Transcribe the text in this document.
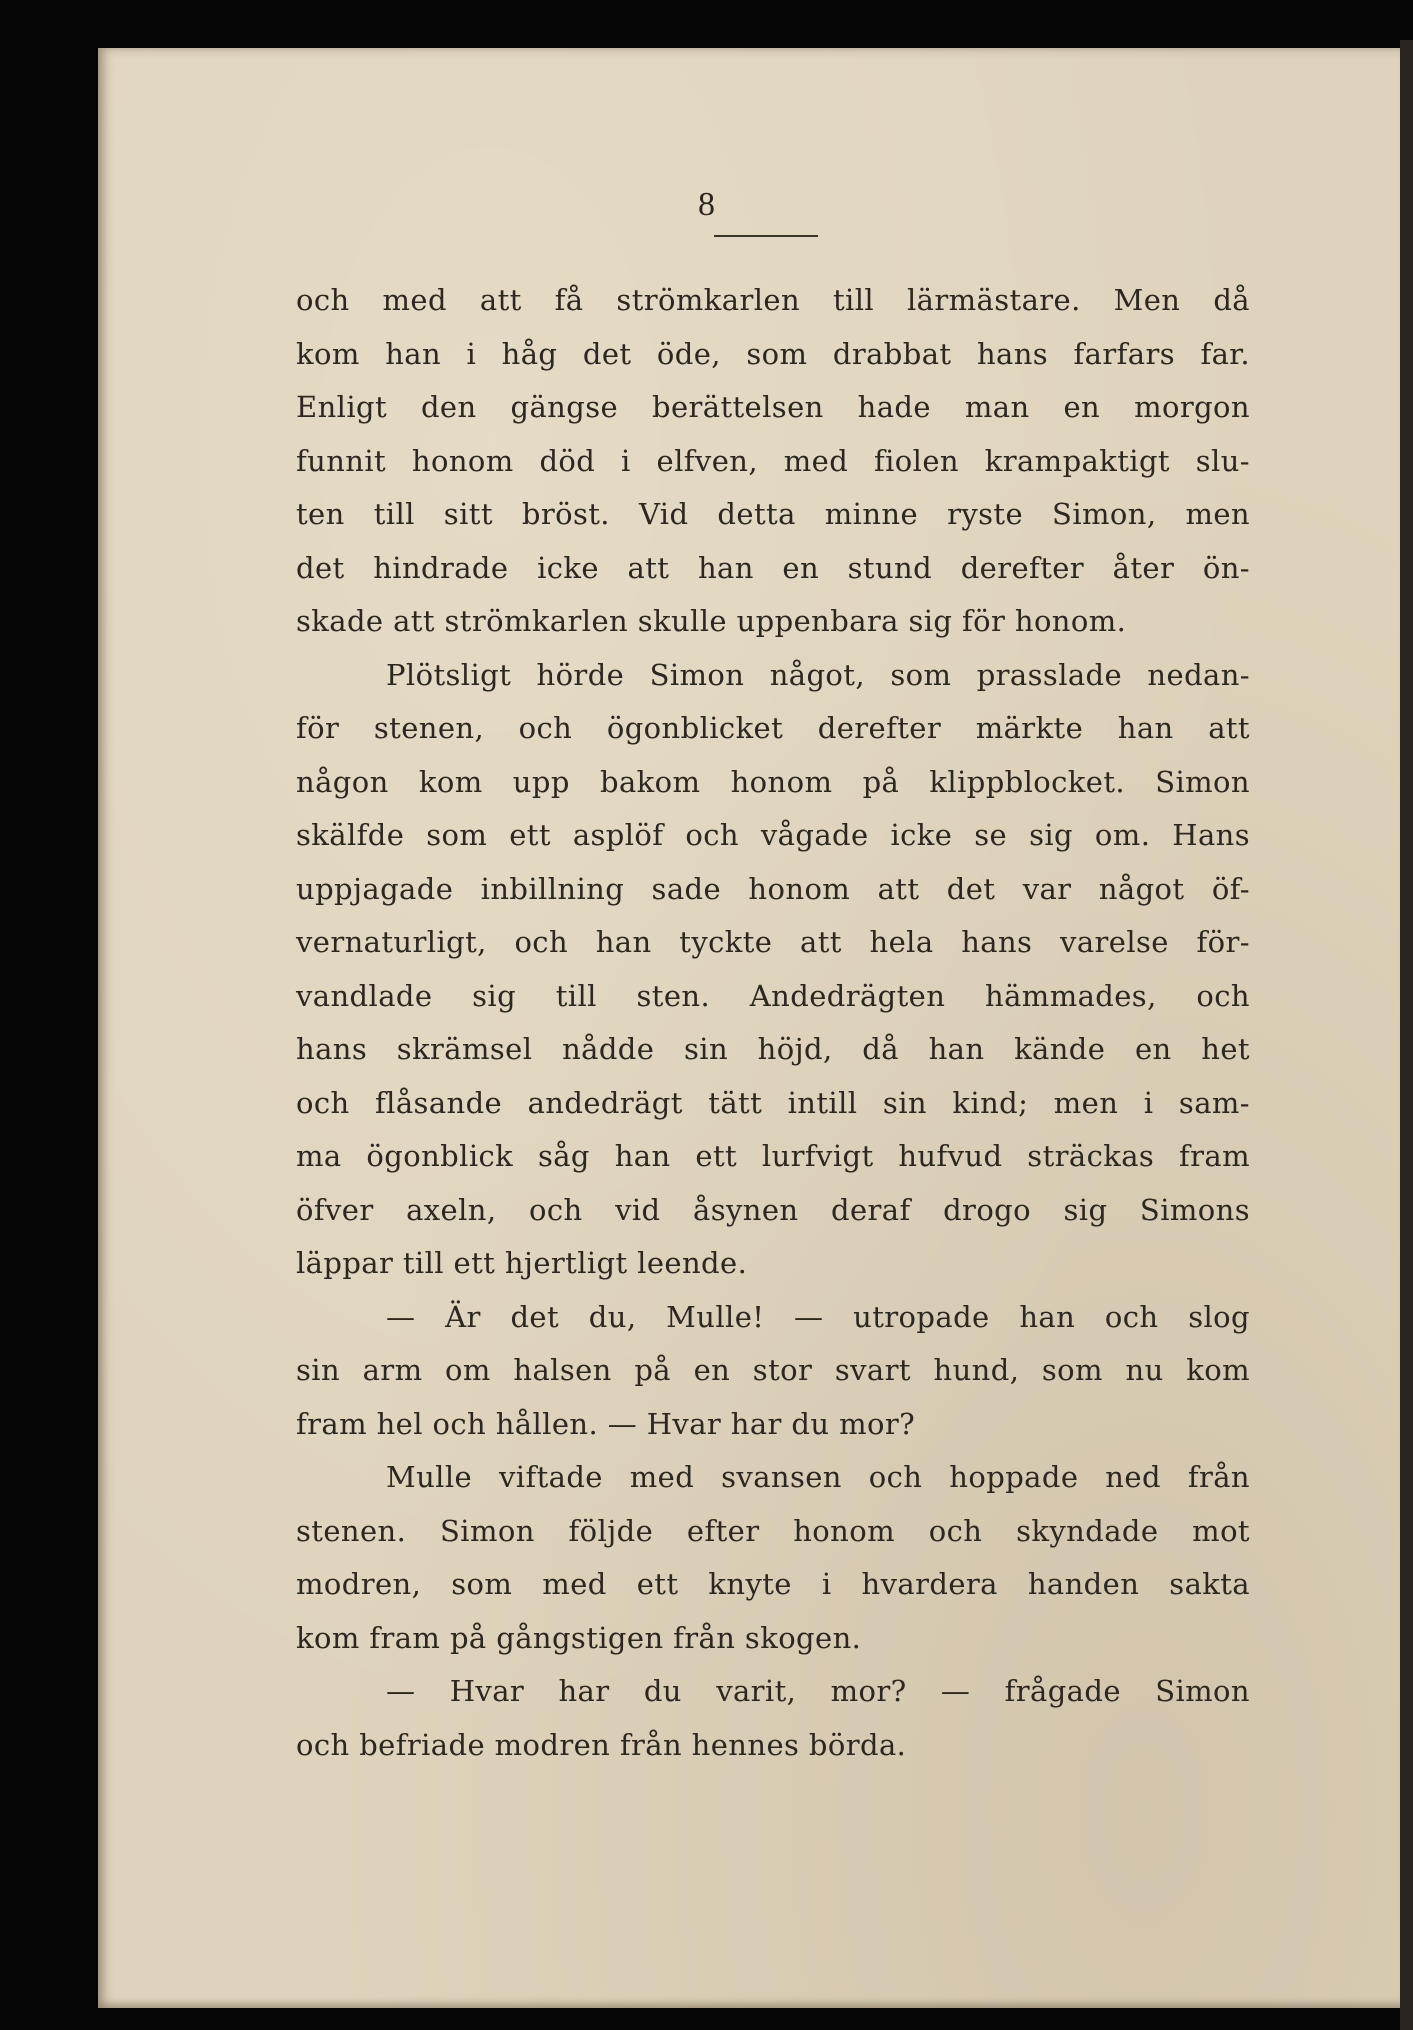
8
och med att få strömkarlen till lärmästare. Men då
kom han i håg det öde, som drabbat hans farfars far.
Enligt den gängse berättelsen hade man en morgon
funnit honom död i elfven, med fiolen krampaktigt slu-
ten till sitt bröst. Vid detta minne ryste Simon, men
det hindrade icke att han en stund derefter åter ön-
skade att strömkarlen skulle uppenbara sig för honom.
Plötsligt hörde Simon något, som prasslade nedan-
för stenen, och ögonblicket derefter märkte han att
någon kom upp bakom honom på klippblocket. Simon
skälfde som ett asplöf och vågade icke se sig om. Hans
uppjagade inbillning sade honom att det var något öf-
vernaturligt, och han tyckte att hela hans varelse för-
vandlade sig till sten. Andedrägten hämmades, och
hans skrämsel nådde sin höjd, då han kände en het
och flåsande andedrägt tätt intill sin kind; men i sam-
ma ögonblick såg han ett lurfvigt hufvud sträckas fram
öfver axeln, och vid åsynen deraf drogo sig Simons
läppar till ett hjertligt leende.
— Är det du, Mulle! — utropade han och slog
sin arm om halsen på en stor svart hund, som nu kom
fram hel och hållen. — Hvar har du mor?
Mulle viftade med svansen och hoppade ned från
stenen. Simon följde efter honom och skyndade mot
modren, som med ett knyte i hvardera handen sakta
kom fram på gångstigen från skogen.
— Hvar har du varit, mor? — frågade Simon
och befriade modren från hennes börda.
